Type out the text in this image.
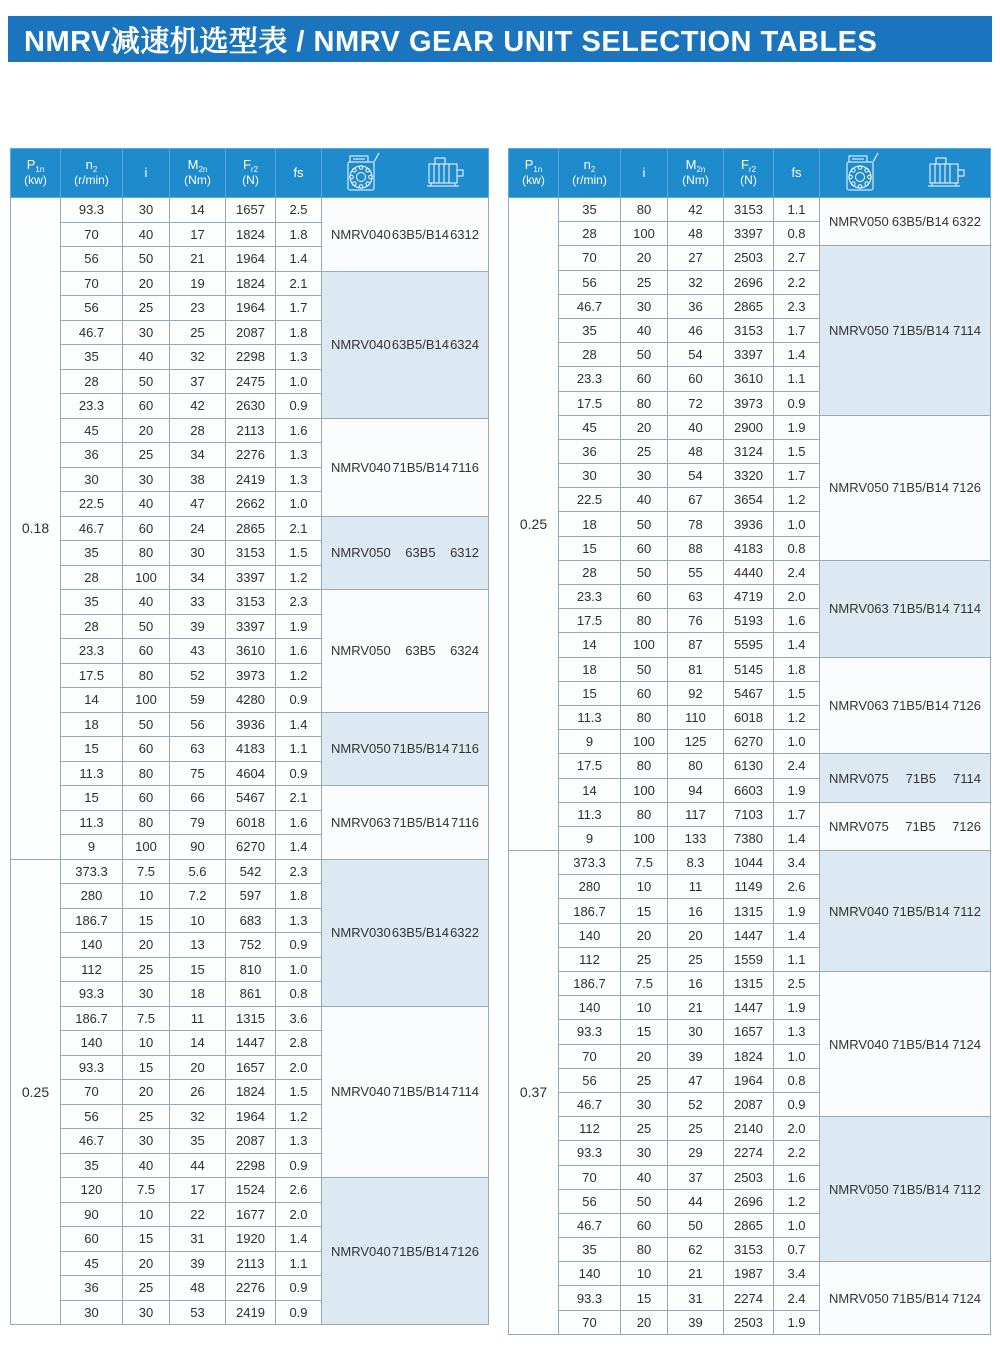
NMRV减速机选型表 / NMRV GEAR UNIT SELECTION TABLES
$P_{1n}$
(kw)

$n_2$
(r/min)

i

$M_{2n}$
(Nm)

$F_{r2}$
(N)

fs

0.18	93.3	30	14	1657	2.5	NMRV040 63B5/B14 6312

	70	40	17	1824	1.8	
	56	50	21	1964	1.4	
	70	20	19	1824	2.1	NMRV040 63B5/B14 6324

	56	25	23	1964	1.7	
	46.7	30	25	2087	1.8	
	35	40	32	2298	1.3	
	28	50	37	2475	1.0	
	23.3	60	42	2630	0.9	
	45	20	28	2113	1.6	NMRV040 71B5/B14 7116

	36	25	34	2276	1.3	
	30	30	38	2419	1.3	
	22.5	40	47	2662	1.0	
	46.7	60	24	2865	2.1	NMRV050 63B5 6312

	35	80	30	3153	1.5	
	28	100	34	3397	1.2	
	35	40	33	3153	2.3	NMRV050 63B5 6324

	28	50	39	3397	1.9	
	23.3	60	43	3610	1.6	
	17.5	80	52	3973	1.2	
	14	100	59	4280	0.9	
	18	50	56	3936	1.4	NMRV050 71B5/B14 7116

	15	60	63	4183	1.1	
	11.3	80	75	4604	0.9	
	15	60	66	5467	2.1	NMRV063 71B5/B14 7116

	11.3	80	79	6018	1.6	
	9	100	90	6270	1.4	
0.25	373.3	7.5	5.6	542	2.3	NMRV030 63B5/B14 6322

	280	10	7.2	597	1.8	
	186.7	15	10	683	1.3	
	140	20	13	752	0.9	
	112	25	15	810	1.0	
	93.3	30	18	861	0.8	
	186.7	7.5	11	1315	3.6	NMRV040 71B5/B14 7114

	140	10	14	1447	2.8	
	93.3	15	20	1657	2.0	
	70	20	26	1824	1.5	
	56	25	32	1964	1.2	
	46.7	30	35	2087	1.3	
	35	40	44	2298	0.9	
	120	7.5	17	1524	2.6	NMRV040 71B5/B14 7126

	90	10	22	1677	2.0	
	60	15	31	1920	1.4	
	45	20	39	2113	1.1	
	36	25	48	2276	0.9	
	30	30	53	2419	0.9	
$P_{1n}$
(kw)

$n_2$
(r/min)

i

$M_{2n}$
(Nm)

$F_{r2}$
(N)

fs

0.25	35	80	42	3153	1.1	NMRV050 63B5/B14 6322

	28	100	48	3397	0.8	
	70	20	27	2503	2.7	NMRV050 71B5/B14 7114

	56	25	32	2696	2.2	
	46.7	30	36	2865	2.3	
	35	40	46	3153	1.7	
	28	50	54	3397	1.4	
	23.3	60	60	3610	1.1	
	17.5	80	72	3973	0.9	
	45	20	40	2900	1.9	NMRV050 71B5/B14 7126

	36	25	48	3124	1.5	
	30	30	54	3320	1.7	
	22.5	40	67	3654	1.2	
	18	50	78	3936	1.0	
	15	60	88	4183	0.8	
	28	50	55	4440	2.4	NMRV063 71B5/B14 7114

	23.3	60	63	4719	2.0	
	17.5	80	76	5193	1.6	
	14	100	87	5595	1.4	
	18	50	81	5145	1.8	NMRV063 71B5/B14 7126

	15	60	92	5467	1.5	
	11.3	80	110	6018	1.2	
	9	100	125	6270	1.0	
	17.5	80	80	6130	2.4	NMRV075 71B5 7114

	14	100	94	6603	1.9	
	11.3	80	117	7103	1.7	NMRV075 71B5 7126

	9	100	133	7380	1.4	
0.37	373.3	7.5	8.3	1044	3.4	NMRV040 71B5/B14 7112

	280	10	11	1149	2.6	
	186.7	15	16	1315	1.9	
	140	20	20	1447	1.4	
	112	25	25	1559	1.1	
	186.7	7.5	16	1315	2.5	NMRV040 71B5/B14 7124

	140	10	21	1447	1.9	
	93.3	15	30	1657	1.3	
	70	20	39	1824	1.0	
	56	25	47	1964	0.8	
	46.7	30	52	2087	0.9	
	112	25	25	2140	2.0	NMRV050 71B5/B14 7112

	93.3	30	29	2274	2.2	
	70	40	37	2503	1.6	
	56	50	44	2696	1.2	
	46.7	60	50	2865	1.0	
	35	80	62	3153	0.7	
	140	10	21	1987	3.4	NMRV050 71B5/B14 7124

	93.3	15	31	2274	2.4	
	70	20	39	2503	1.9	
